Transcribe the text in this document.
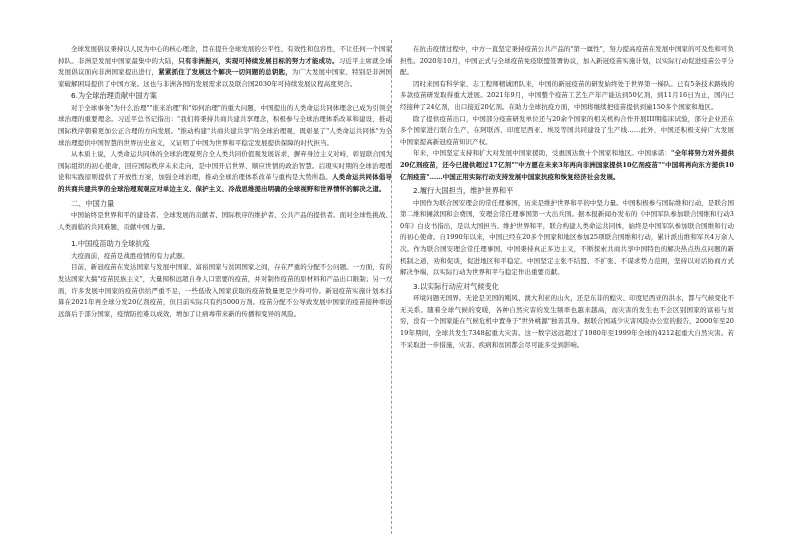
全球发展倡议秉持以人民为中心的核心理念，旨在提升全球发展的公平性、有效性和包容性，不让任何一个国家掉队。非洲是发展中国家最集中的大陆，只有非洲振兴，实现可持续发展目标的努力才能成功。习近平主席就全球发展倡议面向非洲国家提出进行，紧紧抓住了发展这个解决一切问题的总钥匙，为广大发展中国家、特别是非洲国家破解困局提供了中国方案。这也与非洲各国的发展需求以及联合国2030年可持续发展议程高度契合。

6.为全球治理贡献中国方案

对于全球事务"为什么治理""谁来治理"和"如何治理"的重大问题，中国提出的人类命运共同体理念已成为引领全球治理的重要理念。习近平总书记指出："我们将秉持共商共建共享理念，积极参与全球治理体系改革和建设，推动国际秩序朝着更加公正合理的方向发展。"推动构建"共商共建共享"的全球治理观，既彰显了"人类命运共同体"为全球治理提供中国智慧的世界历史意义，又证明了中国为世界和平稳定发展提供保障的时代担当。

从本质上说，人类命运共同体的全球治理观契合全人类共同价值观发展诉求，摒弃身边主义对峙，彰显联合国为国际组织的初心使命，回应国际秩序未来走向，是中国开启世界、顺应世情的政治智慧。启現实时期的全球治理理论和实践原则提供了开放性方案，加强全球治理，推动全球治理体系改革与重构是大势所趋。人类命运共同体倡导的共商共建共享的全球治理观观应对单边主义、保护主义、冷战思维提出明确的全球视野和世界情怀的解决之道。

二、中国力量

中国始终是世界和平的建设者、全球发展的贡献者、国际秩序的维护者、公共产品的提供者。面对全球性挑战、人类面临的共同难题，贡献中国力量。

1.中国疫苗助力全球抗疫

大疫面前，疫苗是战胜疫情的有力武器。

目前，新冠疫苗在发达国家与发展中国家、富裕国家与贫困国家之间，存在严重的分配不公问题。一方面，有的发达国家大搞"疫苗民族主义"，大量囤积远超自身人口需要的疫苗，并对制作疫苗的原材料和产品出口限制；另一方面，许多发展中国家的疫苗供给严重不足，一些低收入国家获取的疫苗数量更是少得可怜。新冠疫苗实施计划本打算在2021年再全球分发20亿剂疫苗，但目前实际只有约5000万剂。疫苗分配不公导致发展中国家的疫苗接种率远远落后于部分国家，疫情防控难以成效，增加了让病毒带来新的传播和变异的风险。

在抗击疫情过程中，中方一直坚定秉持疫苗公共产品的"第一属性"，努力提高疫苗在发展中国家的可及性和可负担性。2020年10月，中国正式与全球疫苗免疫联盟签署协议，加入新冠疫苗实施计划，以实际行动促进疫苗公平分配。

因时来国有科学家、志工程师精诚团队来，中国的新冠疫苗的研发始终处于世界第一梯队。已有5条技术路线的多款疫苗研发取得重大进展。2021年9月，中国整个疫苗工艺生产年产能达到50亿剂，到11月16日为止，国内已经接种了24亿剂，出口接近20亿剂。在助力全球抗疫方面，中国将继续把疫苗提供到逾150多个国家和地区。

除了提供疫苗出口，中国部分疫苗研发单位还与20余个国家的相关机构合作开展III期临床试验，部分企业还在多个国家进行联合生产，在阿联酋、印度尼西亚、埃及等国共同建设了生产线……此外，中国还积极支持广大发展中国家提高新冠疫苗知识产权。

年来，中国坚定支持和扩大对发展中国家援助，受惠国达数十个国家和地区。中国承诺："全年将努力对外提供20亿剂疫苗，还今已提供超过17亿剂""中方愿在未来3年再向非洲国家提供10亿剂疫苗""中国将再向东方提供10亿剂疫苗"……中国正用实际行动支持发展中国家抗疫和恢复经济社会发展。

2.履行大国担当，维护世界和平

中国作为联合国安理会的常任理事国，历来是维护世界和平的中坚力量。中国积极参与国际维和行动，是联合国第二维和摊款国和会费国，安理会常任理事国第一大出兵国。据本报新闻办发布的《中国军队参加联合国维和行动30年》白皮书指出，是以大国担当、维护世界和平，联合构建人类命运共同体，始终是中国军队参加联合国维和行动的初心使命。自1990年以来，中国已经在20多个国家和地区参加25项联合国维和行动，累计派出维和军兵4万余人次。作为联合国安理会常任理事国，中国秉持真正多边主义，不断探索共商共享中国特色的解决热点热点问题的新机制之道，劝和促谈，促进地区和平稳定。中国坚定主张不结盟、不扩张、不谋求势力范围，坚持以对话协商方式解决争端，以实际行动为世界和平与稳定作出重要贡献。

3.以实际行动应对气候变化

环境问题无国界。无论是美国的飓风、澳大利亚的山火，还是东非的蝗灾、印度尼西亚的洪水，都与气候变化不无关系。随着全球气候的变暖，各种自然灾害的发生频率也越来越高，而灾害的发生也不会区别国家的富裕与贫穷，没有一个国家能在气候危机中置身于"世外桃源"独善其身。据联合国减少灾害风险办公室的报告，2000年至2019年期间，全球共发生7348起重大灾害。这一数字远远超过了1980年至1999年全球的4212起重大自然灾害。若不采取进一步措施，灾害、疾病和贫困都会尽可能多受到影响。
